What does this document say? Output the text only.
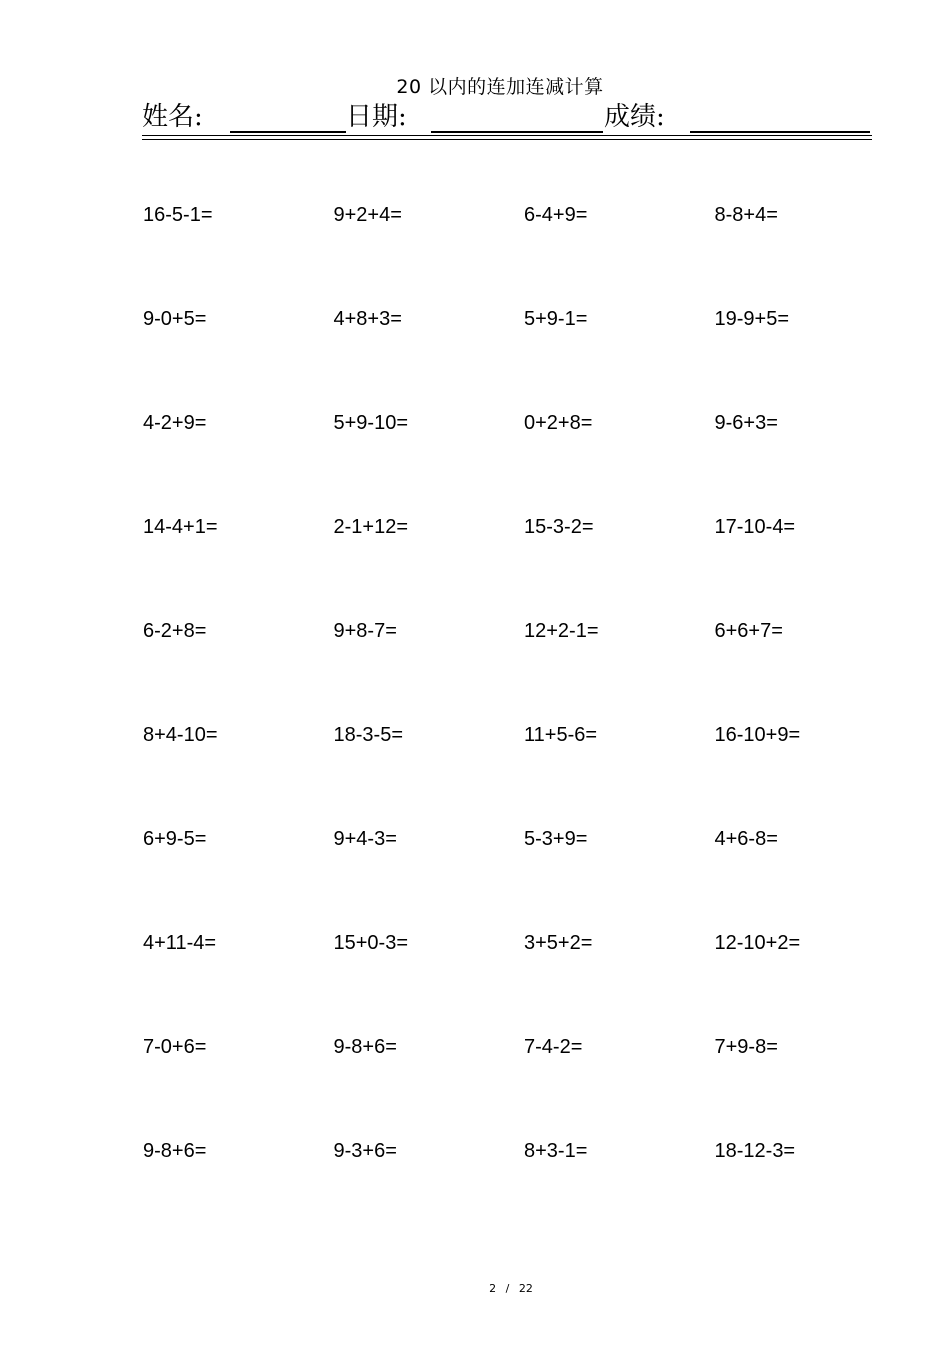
20 以内的连加连减计算
姓名:	日期:	成绩:
16-5-1=	9+2+4=	6-4+9=	8-8+4=
9-0+5=	4+8+3=	5+9-1=	19-9+5=
4-2+9=	5+9-10=	0+2+8=	9-6+3=
14-4+1=	2-1+12=	15-3-2=	17-10-4=
6-2+8=	9+8-7=	12+2-1=	6+6+7=
8+4-10=	18-3-5=	11+5-6=	16-10+9=
6+9-5=	9+4-3=	5-3+9=	4+6-8=
4+11-4=	15+0-3=	3+5+2=	12-10+2=
7-0+6=	9-8+6=	7-4-2=	7+9-8=
9-8+6=	9-3+6=	8+3-1=	18-12-3=
2 / 22
